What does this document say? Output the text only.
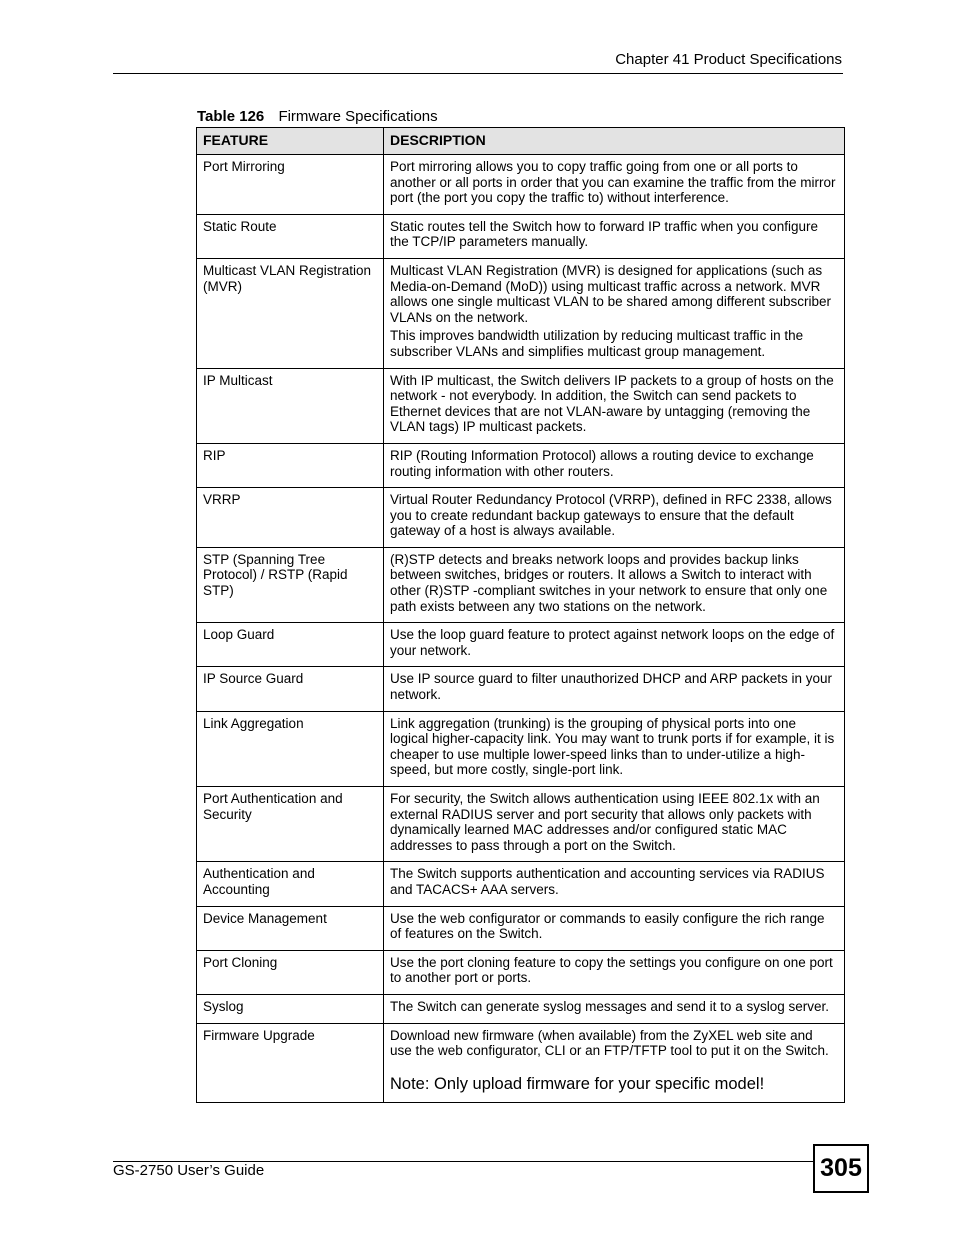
Chapter 41 Product Specifications
Table 126 Firmware Specifications
FEATURE	DESCRIPTION
Port Mirroring	Port mirroring allows you to copy traffic going from one or all ports to another or all ports in order that you can examine the traffic from the mirror port (the port you copy the traffic to) without interference.

Static Route	Static routes tell the Switch how to forward IP traffic when you configure the TCP/IP parameters manually.

Multicast VLAN Registration (MVR)	Multicast VLAN Registration (MVR) is designed for applications (such as Media-on-Demand (MoD)) using multicast traffic across a network. MVR allows one single multicast VLAN to be shared among different subscriber VLANs on the network.

This improves bandwidth utilization by reducing multicast traffic in the subscriber VLANs and simplifies multicast group management.

IP Multicast	With IP multicast, the Switch delivers IP packets to a group of hosts on the network - not everybody. In addition, the Switch can send packets to Ethernet devices that are not VLAN-aware by untagging (removing the VLAN tags) IP multicast packets.

RIP	RIP (Routing Information Protocol) allows a routing device to exchange routing information with other routers.

VRRP	Virtual Router Redundancy Protocol (VRRP), defined in RFC 2338, allows you to create redundant backup gateways to ensure that the default gateway of a host is always available.

STP (Spanning Tree Protocol) / RSTP (Rapid STP)	(R)STP detects and breaks network loops and provides backup links between switches, bridges or routers. It allows a Switch to interact with other (R)STP -compliant switches in your network to ensure that only one path exists between any two stations on the network.

Loop Guard	Use the loop guard feature to protect against network loops on the edge of your network.

IP Source Guard	Use IP source guard to filter unauthorized DHCP and ARP packets in your network.

Link Aggregation	Link aggregation (trunking) is the grouping of physical ports into one logical higher-capacity link. You may want to trunk ports if for example, it is cheaper to use multiple lower-speed links than to under-utilize a high-speed, but more costly, single-port link.

Port Authentication and Security	For security, the Switch allows authentication using IEEE 802.1x with an external RADIUS server and port security that allows only packets with dynamically learned MAC addresses and/or configured static MAC addresses to pass through a port on the Switch.

Authentication and Accounting	The Switch supports authentication and accounting services via RADIUS and TACACS+ AAA servers.

Device Management	Use the web configurator or commands to easily configure the rich range of features on the Switch.

Port Cloning	Use the port cloning feature to copy the settings you configure on one port to another port or ports.

Syslog	The Switch can generate syslog messages and send it to a syslog server.

Firmware Upgrade	Download new firmware (when available) from the ZyXEL web site and use the web configurator, CLI or an FTP/TFTP tool to put it on the Switch.

Note: Only upload firmware for your specific model!

GS-2750 User’s Guide	305
